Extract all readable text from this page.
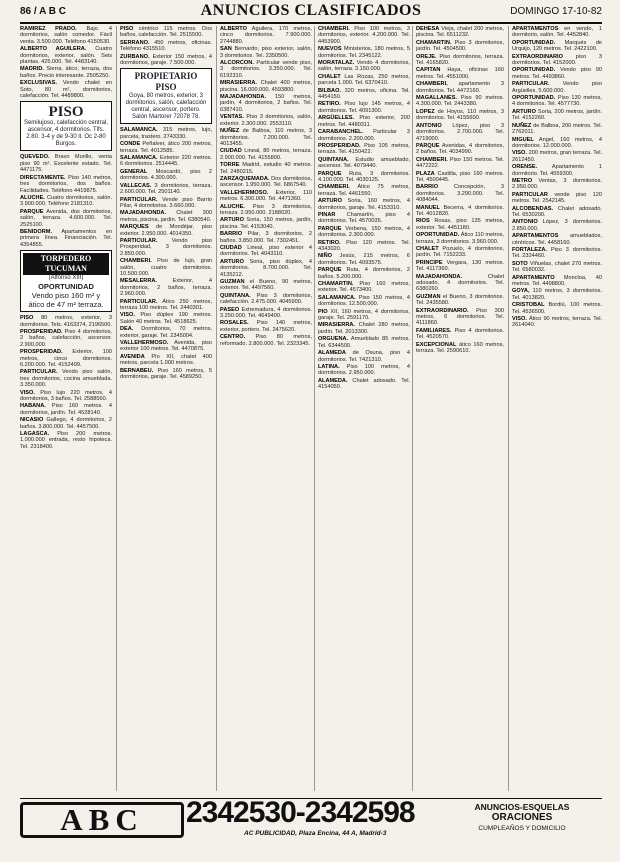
86 / A B C	ANUNCIOS CLASIFICADOS	DOMINGO 17-10-82
RAMIREZ PRADO. Bajo. 4 dormitorios, salón comedor. Fácil venta. 3.500.000. Teléfono 4150530.
ALBERTO AGUILERA. Cuatro dormitorios, exterior, salón. Seis plantas. 425.000. Tel. 4483140.
MADRID. Sierra, ático, terraza, dos baños. Precio interesante. 2505250.
EXCLUSIVAS. Vendo chalet en Soto, 80 m², dormitorios, calefacción. Tel. 4489800.
PISO
Semilujoso, calefacción central, ascensor, 4 dormitorios. Tlfs. 2.80. 3-4 y de 9-30 ll. Oc 2-80 Burgos.
QUEVEDO. Bravo Murillo, venta piso 90 m². Excelente estado. Tel. 4471175.
DIRECTAMENTE. Piso 140 metros, tres dormitorios, dos baños. Facilidades. Teléfono 4419875.
ALUCHE. Cuatro dormitorios, salón. 3.900.000. Teléfono 2181310.
PARQUE Avenida, dos dormitorios, salón, terraza. 4.600.000. Tel. 2525100.
BENIDORM. Apartamentos en primera línea. Financiación. Tel. 4354855.
TORPEDERO TUCUMAN
(Alfonso XIII)
OPORTUNIDAD
Vendo piso 160 m² y ático de 47 m² terraza.
PISO 80 metros, exterior, 3 dormitorios. Tels. 4163374, 2196500.
PROSPERIDAD. Piso 4 dormitorios, 2 baños, calefacción, ascensor. 2.900.000.
PROSPERIDAD. Exterior, 100 metros, cinco dormitorios. 6.200.000. Tel. 4152499.
PARTICULAR. Vendo piso salón, tres dormitorios, cocina amueblada. 3.350.000.
VISO. Piso lujo 220 metros, 4 dormitorios, 3 baños. Tel. 2588560.
HABANA. Piso 160 metros. 4 dormitorios, jardín. Tel. 4528140.
NICASIO Gallego, 4 dormitorios, 2 baños. 3.800.000. Tel. 4457500.
LAGASCA. Piso 200 metros. 1.000.000 entrada, resto hipoteca. Tel. 2318400.
PISO céntrico 115 metros. Dos baños, calefacción. Tel. 2515500.
SERRANO. 450 metros, oficinas. Teléfono 4315510.
ZURBANO. Exterior 150 metros, 4 dormitorios, garaje. 7.500.000.
PROPIETARIO PISO
Goya, 80 metros, exterior, 3 dormitorios, salón, calefacción central, ascensor, portero. Salón Martorer 72078 78.
SALAMANCA. 315 metros, lujo, parcela, trastero. 2743330.
CONDE Peñalver, ático 200 metros, terraza. Tel. 4012585.
SALAMANCA. Exterior 220 metros. 6 dormitorios. 2514445.
GENERAL Moscardó, piso 2 dormitorios. 4.300.000.
VALLECAS. 3 dormitorios, terraza. 2.600.000. Tel. 2501140.
PARTICULAR. Vende piso Barrio Pilar, 4 dormitorios. 3.660.000.
MAJADAHONDA. Chalet 300 metros, piscina, jardín. Tel. 6380540.
MARQUES de Mondéjar, piso exterior. 2.950.000. 4014350.
PARTICULAR.	Vendo piso Prosperidad, 3 dormitorios. 2.850.000.
CHAMBERI. Piso de lujo, gran salón, cuatro dormitorios. 10.500.000.
MESALERRA.	Exterior, 4 dormitorios, 2 baños, terraza. 2.960.000.
PARTICULAR. Ático 250 metros, terraza 100 metros. Tel. 2440301.
VISO. Piso dúplex 190 metros. Salón 40 metros. Tel. 4518625.
DEA. Dormitorios, 70 metros, exterior, garaje. Tel. 2345004.
VALLEHERMOSO. Avenida, piso exterior 100 metros. Tel. 4470875.
AVENIDA Pío XII, chalet 400 metros, parcela 1.000 metros.
BERNABEU. Piso 160 metros, 5 dormitorios, garaje. Tel. 4589250.
ALBERTO Aguilera, 170 metros, cinco dormitorios. 7.900.000. 2744880.
SAN Bernardo, piso exterior, salón, 3 dormitorios. Tel. 2350500.
ALCORCON. Particular vende piso, 3 dormitorios. 3.350.000. Tel. 6192310.
MIRASIERRA. Chalet 400 metros, piscina. 16.000.000. 4593800.
MAJADAHONDA. 150 metros, jardín, 4 dormitorios, 2 baños. Tel. 6387410.
VENTAS. Piso 3 dormitorios, salón, exterior. 2.300.000. 2553110.
NUÑEZ de Balboa, 110 metros, 3 dormitorios. 7.200.000. Tel. 4013455.
CIUDAD Lineal, 80 metros, terraza. 2.900.000. Tel. 4155800.
TORRE Madrid, estudio 40 metros. Tel. 2480215.
ZARZAQUEMADA. Dos dormitorios, ascensor. 1.950.000. Tel. 6867540.
VALLEHERMOSO. Exterior, 110 metros. 6.300.000. Tel. 4471360.
ALUCHE. Piso 3 dormitorios, terraza. 2.950.000. 2188020.
ARTURO Soria, 150 metros, jardín, piscina. Tel. 4153040.
BARRIO Pilar, 3 dormitorios, 2 baños. 3.850.000. Tel. 7302451.
CIUDAD Lineal, piso exterior 4 dormitorios. Tel. 4043110.
ARTURO Soria, piso dúplex, 4 dormitorios. 8.700.000. Tel. 4135212.
GUZMAN el Bueno, 90 metros, exterior. Tel. 4497560.
QUINTANA. Piso 3 dormitorios, calefacción. 2.475.000. 4045900.
PASEO Extremadura, 4 dormitorios. 3.250.000. Tel. 4649400.
ROSALES. Piso 140 metros, exterior, portero. Tel. 2475620.
CENTRO. Piso 80 metros, reformado. 2.800.000. Tel. 2323345.
CHAMBERI. Piso 100 metros, 3 dormitorios, exterior. 4.200.000. Tel. 4453900.
NUEVOS Ministerios, 180 metros, 5 dormitorios. Tel. 2345122.
MORATALAZ. Vendo 4 dormitorios, salón, terraza. 3.150.000.
CHALET Las Rozas, 250 metros, parcela 1.000. Tel. 6370410.
BILBAO. 320 metros, oficina. Tel. 4454150.
RETIRO. Piso lujo 145 metros, 4 dormitorios. Tel. 4091300.
ARGÜELLES. Piso exterior, 200 metros. Tel. 4480311.
CARABANCHEL. Particular 3 dormitorios. 2.200.000.
PROSPERIDAD. Piso 105 metros, terraza. Tel. 4150422.
QUINTANA. Estudio amueblado, ascensor. Tel. 4079440.
PARQUE Ruta, 3 dormitorios. 4.100.000. Tel. 4030125.
CHAMBERI. Ático 75 metros, terraza. Tel. 4461550.
ARTURO Soria, 160 metros, 4 dormitorios, garaje. Tel. 4153310.
PINAR Chamartín, piso 4 dormitorios. Tel. 4570035.
PARQUE Verbena, 150 metros, 4 dormitorios. 2.300.000.
RETIRO. Piso 120 metros. Tel. 4343020.
NIÑO Jesús, 215 metros, 6 dormitorios. Tel. 4093575.
PARQUE Ruta, 4 dormitorios, 2 baños. 5.200.000.
CHAMARTIN. Piso 160 metros, exterior. Tel. 4573400.
SALAMANCA. Piso 150 metros, 4 dormitorios. 12.500.000.
PIO XII, 160 metros, 4 dormitorios, garaje. Tel. 2591170.
MIRASIERRA. Chalet 280 metros, jardín. Tel. 2013300.
ORGUENA. Amueblado 85 metros. Tel. 6344500.
ALAMEDA de Osuna, piso 4 dormitorios. Tel. 7421310.
LATINA. Piso 100 metros, 4 dormitorios. 2.950.000.
ALAMEDA. Chalet adosado. Tel. 4154050.
DEHESA Vieja, chalet 200 metros, piscina. Tel. 6511232.
CHAMARTIN. Piso 3 dormitorios, jardín. Tel. 4504500.
OREJE. Piso dormitorios, terraza. Tel. 4165820.
CAPITAN Haya, oficinas 160 metros. Tel. 4551000.
CHAMBERI, apartamento 3 dormitorios. Tel. 4472160.
MAGALLANES. Piso 90 metros. 4.300.000. Tel. 2443380.
LOPEZ de Hoyos, 110 metros, 3 dormitorios. Tel. 4155600.
ANTONIO López, piso 3 dormitorios. 2.700.000. Tel. 4719000.
PARQUE Avenidas, 4 dormitorios, 2 baños. Tel. 4034990.
CHAMBERI. Piso 150 metros. Tel. 4472222.
PLAZA Castilla, piso 160 metros. Tel. 4500445.
BARRIO	Concepción, 3 dormitorios. 3.290.000. Tel. 4084044.
MANUEL Becerra, 4 dormitorios. Tel. 4012820.
RIOS Rosas, piso 135 metros, exterior. Tel. 4451180.
OPORTUNIDAD. Ático 110 metros, terraza, 3 dormitorios. 3.960.000.
CHALET Pozuelo, 4 dormitorios, jardín. Tel. 7152233.
PRINCIPE Vergara, 130 metros. Tel. 4117360.
MAJADAHONDA.	Chalet adosado, 4 dormitorios. Tel. 6380260.
GUZMAN el Bueno, 3 dormitorios. Tel. 2435580.
EXTRAORDINARIO. Piso 300 metros, 6 dormitorios. Tel. 4111860.
FAMILIARES. Piso 4 dormitorios. Tel. 4520570.
EXCEPCIONAL ático 160 metros, terraza. Tel. 2590610.
APARTAMENTOS en vendo, 1 dormitorio, salón. Tel. 4452840.
OPORTUNIDAD. Marqués de Urquijo, 120 metros. Tel. 2422100.
EXTRAORDINARIO piso 3 dormitorios. Tel. 4152000.
OPORTUNIDAD. Vendo piso 90 metros. Tel. 4493860.
PARTICULAR. Vendo piso Argüelles. 5.600.000.
OPORTUNIDAD. Piso 130 metros, 4 dormitorios. Tel. 4577730.
ARTURO Soria, 200 metros, jardín. Tel. 4152260.
NUÑEZ de Balboa, 200 metros. Tel. 2762011.
MIGUEL Angel, 160 metros, 4 dormitorios. 12.000.000.
VISO. 200 metros, gran terraza. Tel. 2612450.
ORENSE.	Apartamento 1 dormitorio. Tel. 4559300.
METRO Ventas, 3 dormitorios. 2.950.000.
PARTICULAR vende piso 120 metros. Tel. 2542145.
ALCOBENDAS. Chalet adosado. Tel. 6530200.
ANTONIO López, 3 dormitorios. 2.850.000.
APARTAMENTOS amueblados, céntricos. Tel. 4458160.
FORTALEZA. Piso 3 dormitorios. Tel. 2324460.
SOTO Viñuelas, chalet 270 metros. Tel. 6580032.
APARTAMENTO Moncloa, 40 metros. Tel. 4498800.
GOYA, 110 metros, 3 dormitorios. Tel. 4013820.
CRISTOBAL Bordiú, 100 metros. Tel. 4536500.
VISO. Ático 90 metros, terraza. Tel. 2614040.
ABC 2342530-2342598
AC PUBLICIDAD, Plaza Encina, 44 A, Madrid-3
ANUNCIOS-ESQUELAS
ORACIONES
CUMPLEAÑOS Y DOMICILIO
